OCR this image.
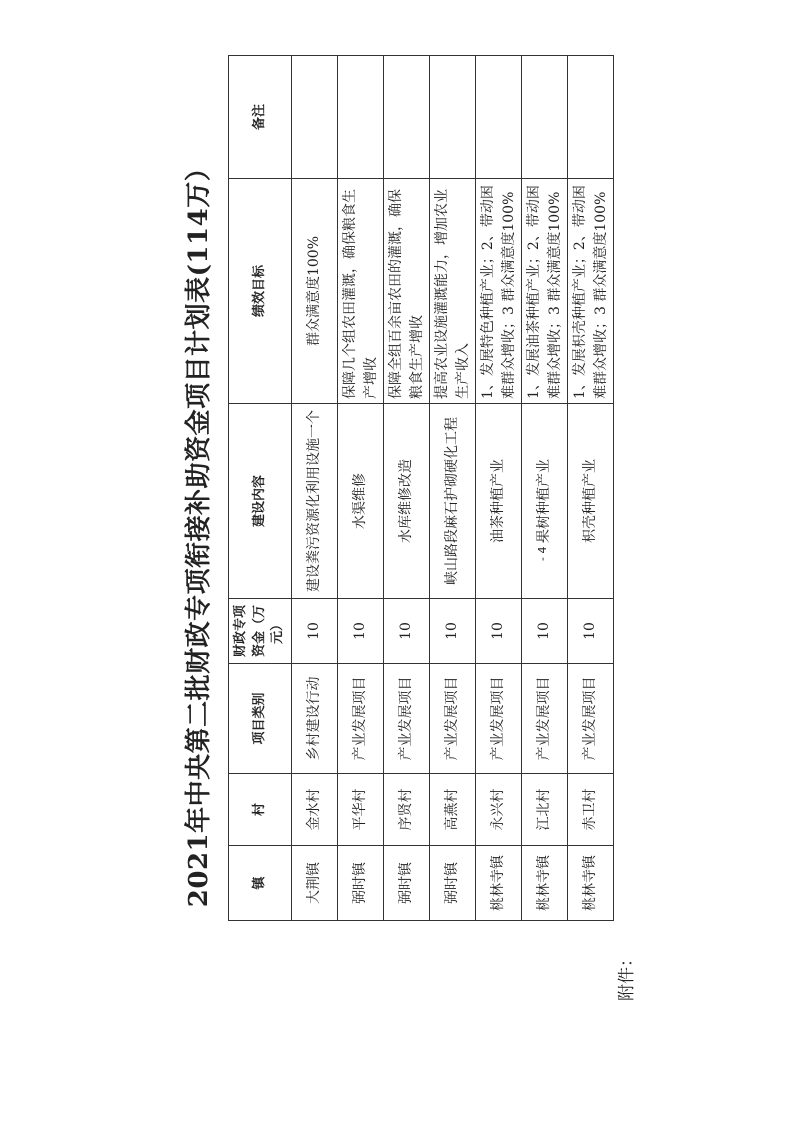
附件：
2021年中央第二批财政专项衔接补助资金项目计划表(114万）	镇	村	项目类别	财政专项资金（万元）	建设内容	绩效目标	备注
大荆镇	金水村	乡村建设行动	10	建设粪污资源化利用设施一个	群众满意度100%	
弼时镇	平华村	产业发展项目	10	水渠维修	保障几个组农田灌溉，确保粮食生产增收	
弼时镇	序贤村	产业发展项目	10	水库维修改造	保障全组百余亩农田的灌溉，确保粮食生产增收	
弼时镇	高燕村	产业发展项目	10	峡山路段麻石护砌硬化工程	提高农业设施灌溉能力，增加农业生产收入	
桃林寺镇	永兴村	产业发展项目	10	油茶种植产业	1、发展特色种植产业；2、带动困难群众增收；3 群众满意度100%	
桃林寺镇	江北村	产业发展项目	10	果树种植产业	1、发展油茶种植产业；2、带动困难群众增收；3 群众满意度100%	
桃林寺镇	赤卫村	产业发展项目	10	枳壳种植产业	1、发展枳壳种植产业；2、带动困难群众增收；3 群众满意度100%	
- 4 -
